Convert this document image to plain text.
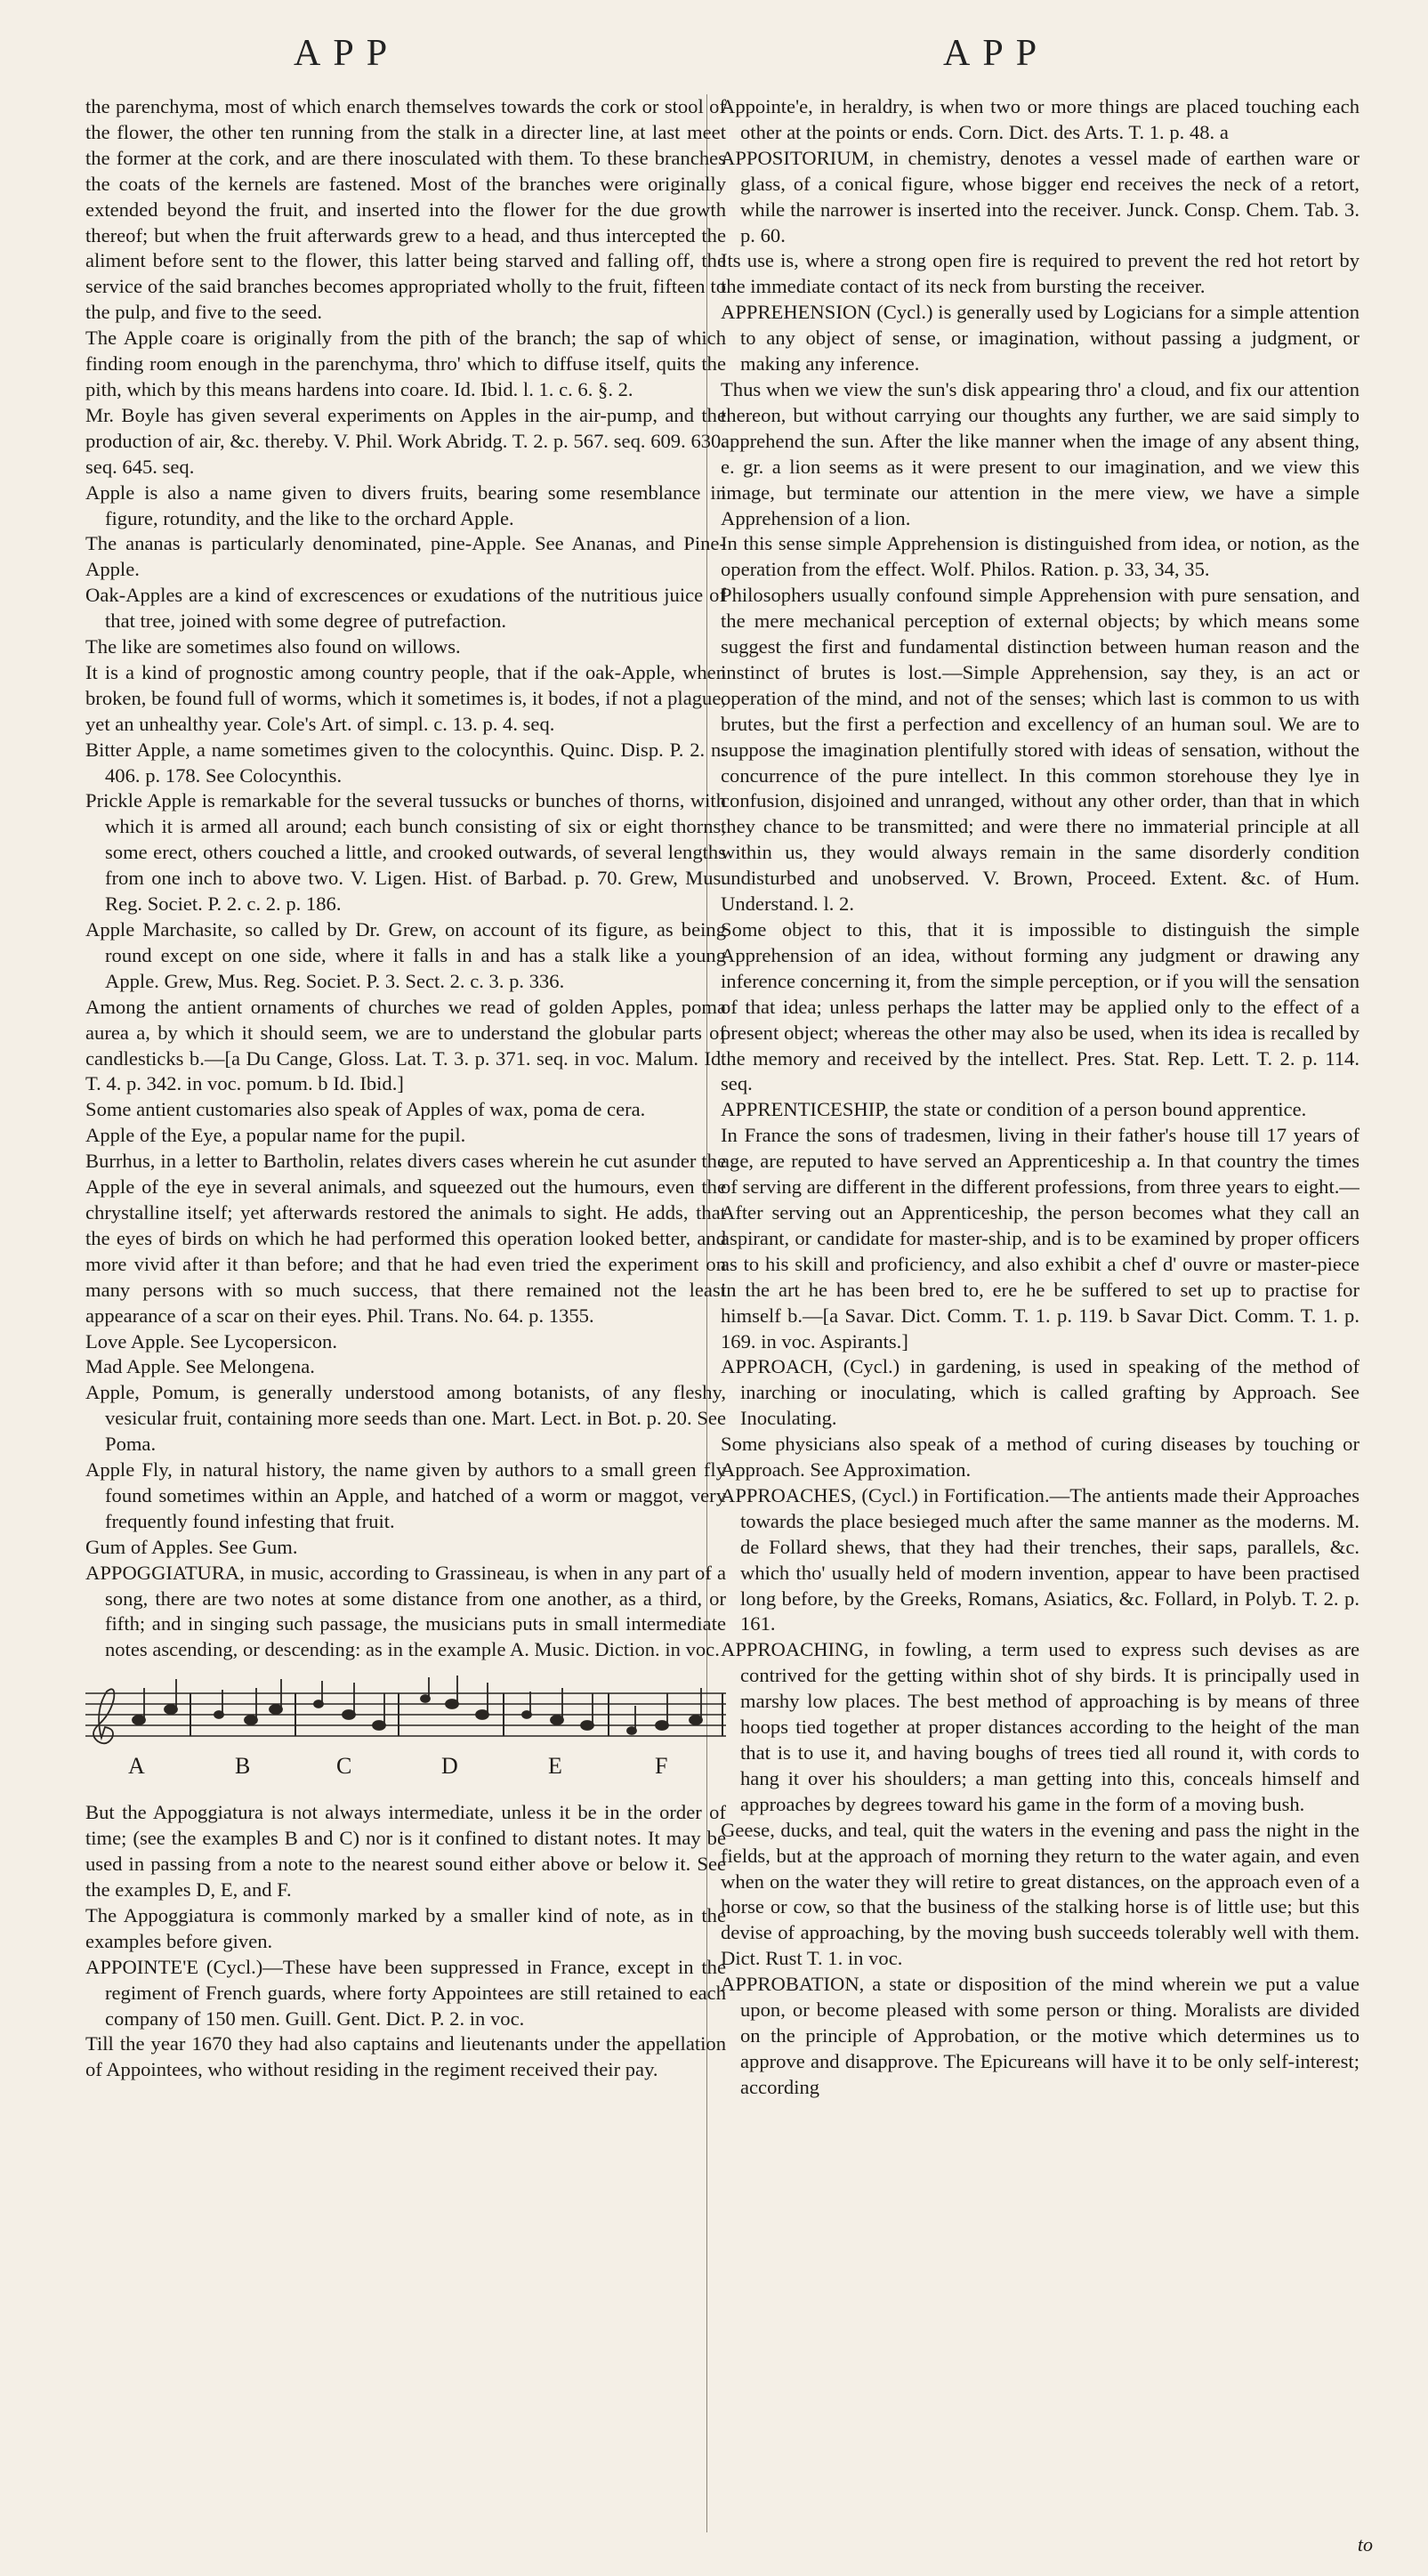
APP	APP

the parenchyma, most of which enarch themselves towards the cork or stool of the flower, the other ten running from the stalk in a directer line, at last meet the former at the cork, and are there inosculated with them. To these branches the coats of the kernels are fastened. Most of the branches were originally extended beyond the fruit, and inserted into the flower for the due growth thereof; but when the fruit afterwards grew to a head, and thus intercepted the aliment before sent to the flower, this latter being starved and falling off, the service of the said branches becomes appropriated wholly to the fruit, fifteen to the pulp, and five to the seed.

The Apple coare is originally from the pith of the branch; the sap of which finding room enough in the parenchyma, thro' which to diffuse itself, quits the pith, which by this means hardens into coare. Id. Ibid. l. 1. c. 6. §. 2.

Mr. Boyle has given several experiments on Apples in the air-pump, and the production of air, &c. thereby. V. Phil. Work Abridg. T. 2. p. 567. seq. 609. 630. seq. 645. seq.

Apple is also a name given to divers fruits, bearing some resemblance in figure, rotundity, and the like to the orchard Apple.

The ananas is particularly denominated, pine-Apple. See Ananas, and Pine-Apple.

Oak-Apples are a kind of excrescences or exudations of the nutritious juice of that tree, joined with some degree of putrefaction.

The like are sometimes also found on willows.

It is a kind of prognostic among country people, that if the oak-Apple, when broken, be found full of worms, which it sometimes is, it bodes, if not a plague, yet an unhealthy year. Cole's Art. of simpl. c. 13. p. 4. seq.

Bitter Apple, a name sometimes given to the colocynthis. Quinc. Disp. P. 2. n. 406. p. 178. See Colocynthis.

Prickle Apple is remarkable for the several tussucks or bunches of thorns, with which it is armed all around; each bunch consisting of six or eight thorns, some erect, others couched a little, and crooked outwards, of several lengths from one inch to above two. V. Ligen. Hist. of Barbad. p. 70. Grew, Mus. Reg. Societ. P. 2. c. 2. p. 186.

Apple Marchasite, so called by Dr. Grew, on account of its figure, as being round except on one side, where it falls in and has a stalk like a young Apple. Grew, Mus. Reg. Societ. P. 3. Sect. 2. c. 3. p. 336.

Among the antient ornaments of churches we read of golden Apples, poma aurea a, by which it should seem, we are to understand the globular parts of candlesticks b.—[a Du Cange, Gloss. Lat. T. 3. p. 371. seq. in voc. Malum. Id. T. 4. p. 342. in voc. pomum. b Id. Ibid.]

Some antient customaries also speak of Apples of wax, poma de cera.

Apple of the Eye, a popular name for the pupil.

Burrhus, in a letter to Bartholin, relates divers cases wherein he cut asunder the Apple of the eye in several animals, and squeezed out the humours, even the chrystalline itself; yet afterwards restored the animals to sight. He adds, that the eyes of birds on which he had performed this operation looked better, and more vivid after it than before; and that he had even tried the experiment on many persons with so much success, that there remained not the least appearance of a scar on their eyes. Phil. Trans. No. 64. p. 1355.

Love Apple. See Lycopersicon.

Mad Apple. See Melongena.

Apple, Pomum, is generally understood among botanists, of any fleshy, vesicular fruit, containing more seeds than one. Mart. Lect. in Bot. p. 20. See Poma.

Apple Fly, in natural history, the name given by authors to a small green fly found sometimes within an Apple, and hatched of a worm or maggot, very frequently found infesting that fruit.

Gum of Apples. See Gum.

APPOGGIATURA, in music, according to Grassineau, is when in any part of a song, there are two notes at some distance from one another, as a third, or fifth; and in singing such passage, the musicians puts in small intermediate notes ascending, or descending: as in the example A. Music. Diction. in voc.

A	B	C	D	E	F

But the Appoggiatura is not always intermediate, unless it be in the order of time; (see the examples B and C) nor is it confined to distant notes. It may be used in passing from a note to the nearest sound either above or below it. See the examples D, E, and F.

The Appoggiatura is commonly marked by a smaller kind of note, as in the examples before given.

APPOINTE'E (Cycl.)—These have been suppressed in France, except in the regiment of French guards, where forty Appointees are still retained to each company of 150 men. Guill. Gent. Dict. P. 2. in voc.

Till the year 1670 they had also captains and lieutenants under the appellation of Appointees, who without residing in the regiment received their pay.

Appointe'e, in heraldry, is when two or more things are placed touching each other at the points or ends. Corn. Dict. des Arts. T. 1. p. 48. a

APPOSITORIUM, in chemistry, denotes a vessel made of earthen ware or glass, of a conical figure, whose bigger end receives the neck of a retort, while the narrower is inserted into the receiver. Junck. Consp. Chem. Tab. 3. p. 60.

Its use is, where a strong open fire is required to prevent the red hot retort by the immediate contact of its neck from bursting the receiver.

APPREHENSION (Cycl.) is generally used by Logicians for a simple attention to any object of sense, or imagination, without passing a judgment, or making any inference.

Thus when we view the sun's disk appearing thro' a cloud, and fix our attention thereon, but without carrying our thoughts any further, we are said simply to apprehend the sun. After the like manner when the image of any absent thing, e. gr. a lion seems as it were present to our imagination, and we view this image, but terminate our attention in the mere view, we have a simple Apprehension of a lion.

In this sense simple Apprehension is distinguished from idea, or notion, as the operation from the effect. Wolf. Philos. Ration. p. 33, 34, 35.

Philosophers usually confound simple Apprehension with pure sensation, and the mere mechanical perception of external objects; by which means some suggest the first and fundamental distinction between human reason and the instinct of brutes is lost.—Simple Apprehension, say they, is an act or operation of the mind, and not of the senses; which last is common to us with brutes, but the first a perfection and excellency of an human soul. We are to suppose the imagination plentifully stored with ideas of sensation, without the concurrence of the pure intellect. In this common storehouse they lye in confusion, disjoined and unranged, without any other order, than that in which they chance to be transmitted; and were there no immaterial principle at all within us, they would always remain in the same disorderly condition undisturbed and unobserved. V. Brown, Proceed. Extent. &c. of Hum. Understand. l. 2.

Some object to this, that it is impossible to distinguish the simple Apprehension of an idea, without forming any judgment or drawing any inference concerning it, from the simple perception, or if you will the sensation of that idea; unless perhaps the latter may be applied only to the effect of a present object; whereas the other may also be used, when its idea is recalled by the memory and received by the intellect. Pres. Stat. Rep. Lett. T. 2. p. 114. seq.

APPRENTICESHIP, the state or condition of a person bound apprentice.

In France the sons of tradesmen, living in their father's house till 17 years of age, are reputed to have served an Apprenticeship a. In that country the times of serving are different in the different professions, from three years to eight.—After serving out an Apprenticeship, the person becomes what they call an aspirant, or candidate for master-ship, and is to be examined by proper officers as to his skill and proficiency, and also exhibit a chef d' ouvre or master-piece in the art he has been bred to, ere he be suffered to set up to practise for himself b.—[a Savar. Dict. Comm. T. 1. p. 119. b Savar Dict. Comm. T. 1. p. 169. in voc. Aspirants.]

APPROACH, (Cycl.) in gardening, is used in speaking of the method of inarching or inoculating, which is called grafting by Approach. See Inoculating.

Some physicians also speak of a method of curing diseases by touching or Approach. See Approximation.

APPROACHES, (Cycl.) in Fortification.—The antients made their Approaches towards the place besieged much after the same manner as the moderns. M. de Follard shews, that they had their trenches, their saps, parallels, &c. which tho' usually held of modern invention, appear to have been practised long before, by the Greeks, Romans, Asiatics, &c. Follard, in Polyb. T. 2. p. 161.

APPROACHING, in fowling, a term used to express such devises as are contrived for the getting within shot of shy birds. It is principally used in marshy low places. The best method of approaching is by means of three hoops tied together at proper distances according to the height of the man that is to use it, and having boughs of trees tied all round it, with cords to hang it over his shoulders; a man getting into this, conceals himself and approaches by degrees toward his game in the form of a moving bush.

Geese, ducks, and teal, quit the waters in the evening and pass the night in the fields, but at the approach of morning they return to the water again, and even when on the water they will retire to great distances, on the approach even of a horse or cow, so that the business of the stalking horse is of little use; but this devise of approaching, by the moving bush succeeds tolerably well with them. Dict. Rust T. 1. in voc.

APPROBATION, a state or disposition of the mind wherein we put a value upon, or become pleased with some person or thing. Moralists are divided on the principle of Approbation, or the motive which determines us to approve and disapprove. The Epicureans will have it to be only self-interest; according

to
